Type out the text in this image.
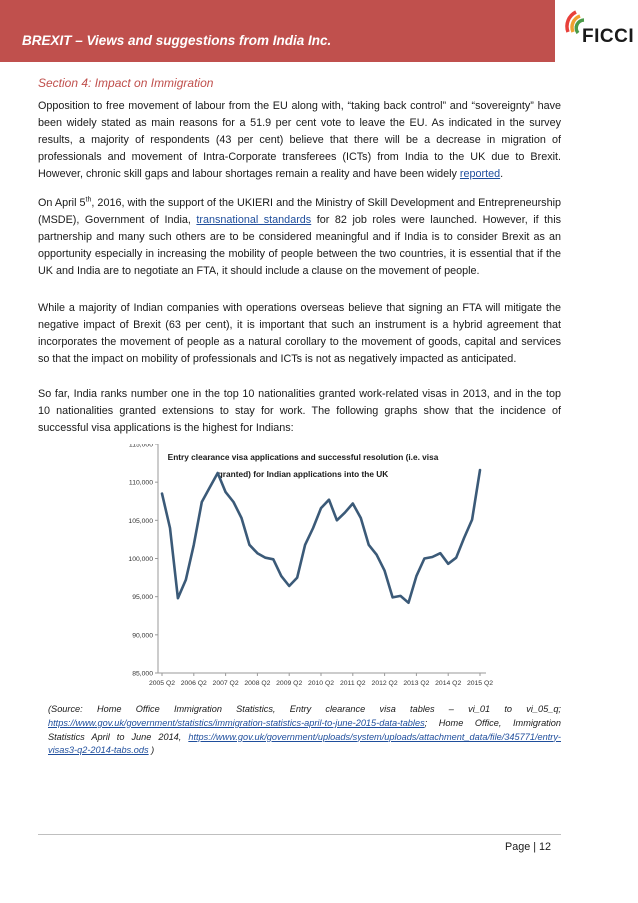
BREXIT – Views and suggestions from India Inc.	FICCI
Section 4: Impact on Immigration
Opposition to free movement of labour from the EU along with, “taking back control” and “sovereignty” have been widely stated as main reasons for a 51.9 per cent vote to leave the EU. As indicated in the survey results, a majority of respondents (43 per cent) believe that there will be a decrease in migration of professionals and movement of Intra-Corporate transferees (ICTs) from India to the UK due to Brexit. However, chronic skill gaps and labour shortages remain a reality and have been widely reported.
On April 5th, 2016, with the support of the UKIERI and the Ministry of Skill Development and Entrepreneurship (MSDE), Government of India, transnational standards for 82 job roles were launched. However, if this partnership and many such others are to be considered meaningful and if India is to consider Brexit as an opportunity especially in increasing the mobility of people between the two countries, it is essential that if the UK and India are to negotiate an FTA, it should include a clause on the movement of people.
While a majority of Indian companies with operations overseas believe that signing an FTA will mitigate the negative impact of Brexit (63 per cent), it is important that such an instrument is a hybrid agreement that incorporates the movement of people as a natural corollary to the movement of goods, capital and services so that the impact on mobility of professionals and ICTs is not as negatively impacted as anticipated.
So far, India ranks number one in the top 10 nationalities granted work-related visas in 2013, and in the top 10 nationalities granted extensions to stay for work. The following graphs show that the incidence of successful visa applications is the highest for Indians:
Entry clearance visa applications and successful resolution (i.e. visa
granted) for Indian applications into the UK
85,000
90,000
95,000
100,000
105,000
110,000
115,000
2005 Q2 2006 Q2 2007 Q2 2008 Q2 2009 Q2 2010 Q2 2011 Q2 2012 Q2 2013 Q2 2014 Q2 2015 Q2
(Source: Home Office Immigration Statistics, Entry clearance visa tables – vi_01 to vi_05_q; https://www.gov.uk/government/statistics/immigration-statistics-april-to-june-2015-data-tables; Home Office, Immigration Statistics April to June 2014, https://www.gov.uk/government/uploads/system/uploads/attachment_data/file/345771/entry-visas3-q2-2014-tabs.ods )
Page | 12
